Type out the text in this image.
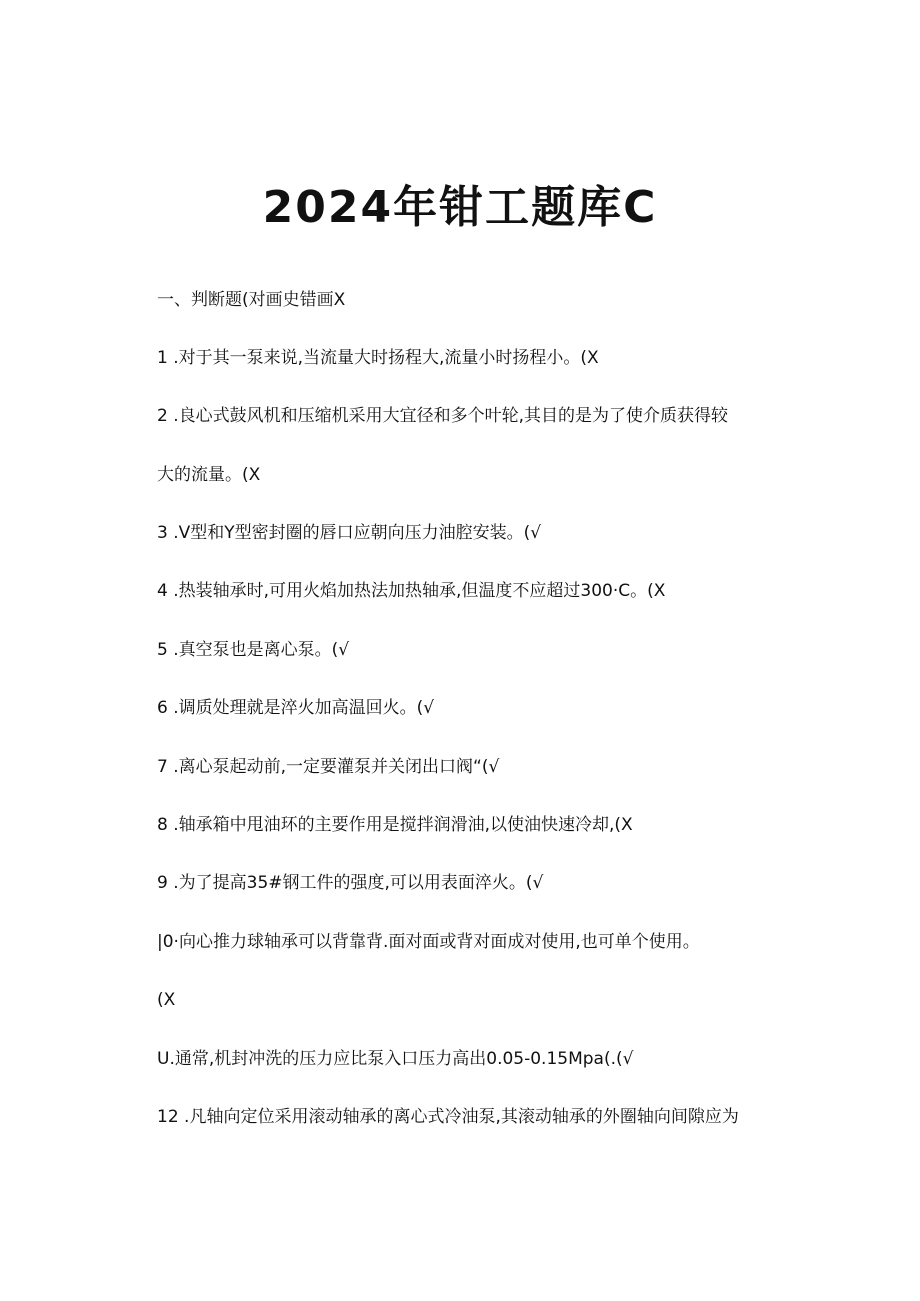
2024年钳工题库C
一、判断题(对画史错画X
1 .对于其一泵来说,当流量大时扬程大,流量小时扬程小。(X
2 .良心式鼓风机和压缩机采用大宜径和多个叶轮,其目的是为了使介质获得较
大的流量。(X
3 .V型和Y型密封圈的唇口应朝向压力油腔安装。(√
4 .热装轴承时,可用火焰加热法加热轴承,但温度不应超过300·C。(X
5 .真空泵也是离心泵。(√
6 .调质处理就是淬火加高温回火。(√
7 .离心泵起动前,一定要灌泵并关闭出口阀“(√
8 .轴承箱中甩油环的主要作用是搅拌润滑油,以使油快速冷却,(X
9 .为了提高35#钢工件的强度,可以用表面淬火。(√
|0·向心推力球轴承可以背靠背.面对面或背对面成对使用,也可单个使用。
(X
U.通常,机封冲洗的压力应比泵入口压力高出0.05-0.15Mpa(.(√
12 .凡轴向定位采用滚动轴承的离心式冷油泵,其滚动轴承的外圈轴向间隙应为
